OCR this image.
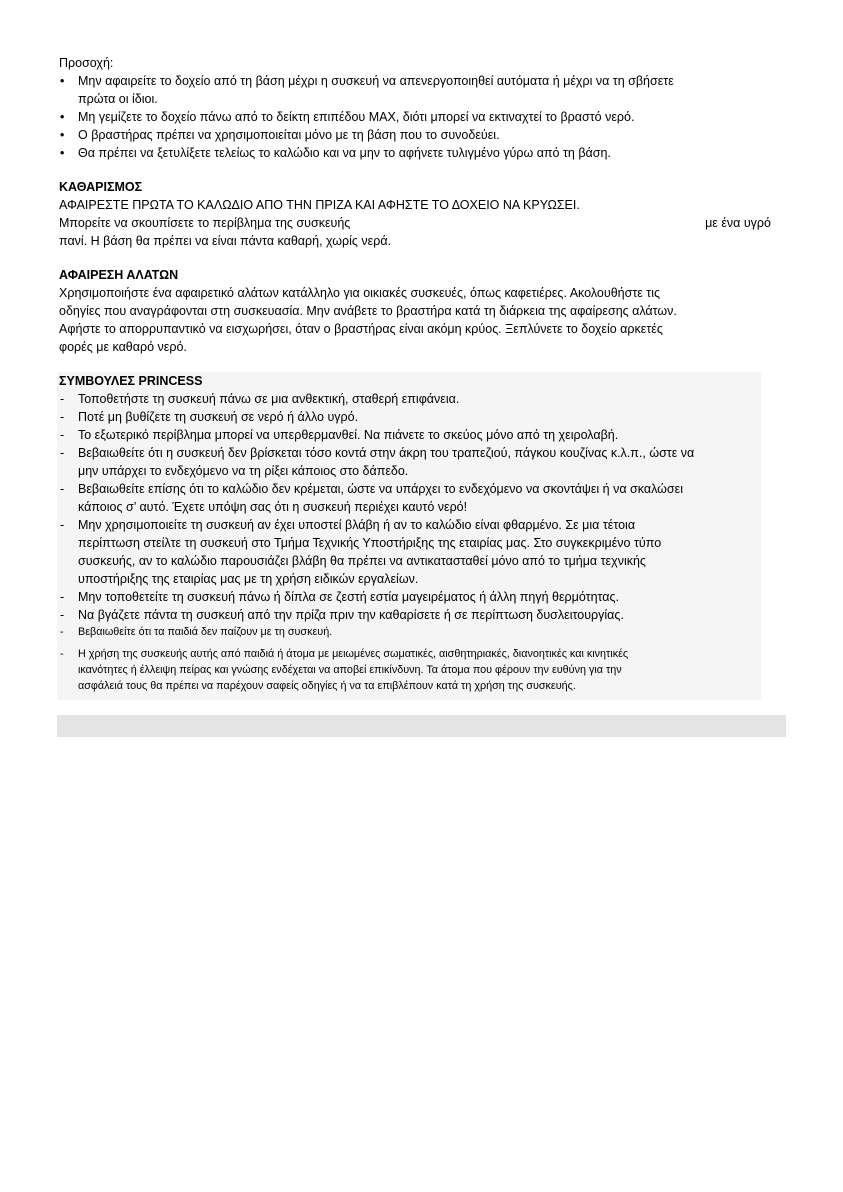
Προσοχή:
• Μην αφαιρείτε το δοχείο από τη βάση μέχρι η συσκευή να απενεργοποιηθεί αυτόματα ή μέχρι να τη σβήσετε
πρώτα οι ίδιοι.
• Μη γεμίζετε το δοχείο πάνω από το δείκτη επιπέδου MAX, διότι μπορεί να εκτιναχτεί το βραστό νερό.
• Ο βραστήρας πρέπει να χρησιμοποιείται μόνο με τη βάση που το συνοδεύει.
• Θα πρέπει να ξετυλίξετε τελείως το καλώδιο και να μην το αφήνετε τυλιγμένο γύρω από τη βάση.
ΚΑΘΑΡΙΣΜΟΣ
ΑΦΑΙΡΕΣΤΕ ΠΡΩΤΑ ΤΟ ΚΑΛΩΔΙΟ ΑΠΟ ΤΗΝ ΠΡΙΖΑ ΚΑΙ ΑΦΗΣΤΕ ΤΟ ΔΟΧΕΙΟ ΝΑ ΚΡΥΩΣΕΙ.
Μπορείτε να σκουπίσετε το περίβλημα της συσκευής	με ένα υγρό
πανί. Η βάση θα πρέπει να είναι πάντα καθαρή, χωρίς νερά.
ΑΦΑΙΡΕΣΗ ΑΛΑΤΩΝ
Χρησιμοποιήστε ένα αφαιρετικό αλάτων κατάλληλο για οικιακές συσκευές, όπως καφετιέρες. Ακολουθήστε τις
οδηγίες που αναγράφονται στη συσκευασία. Μην ανάβετε το βραστήρα κατά τη διάρκεια της αφαίρεσης αλάτων.
Αφήστε το απορρυπαντικό να εισχωρήσει, όταν ο βραστήρας είναι ακόμη κρύος. Ξεπλύνετε το δοχείο αρκετές
φορές με καθαρό νερό.
ΣΥΜΒΟΥΛΕΣ PRINCESS
- Τοποθετήστε τη συσκευή πάνω σε μια ανθεκτική, σταθερή επιφάνεια.
- Ποτέ μη βυθίζετε τη συσκευή σε νερό ή άλλο υγρό.
- Το εξωτερικό περίβλημα μπορεί να υπερθερμανθεί. Να πιάνετε το σκεύος μόνο από τη χειρολαβή.
- Βεβαιωθείτε ότι η συσκευή δεν βρίσκεται τόσο κοντά στην άκρη του τραπεζιού, πάγκου κουζίνας κ.λ.π., ώστε να
μην υπάρχει το ενδεχόμενο να τη ρίξει κάποιος στο δάπεδο.
- Βεβαιωθείτε επίσης ότι το καλώδιο δεν κρέμεται, ώστε να υπάρχει το ενδεχόμενο να σκοντάψει ή να σκαλώσει
κάποιος σ’ αυτό. Έχετε υπόψη σας ότι η συσκευή περιέχει καυτό νερό!
- Μην χρησιμοποιείτε τη συσκευή αν έχει υποστεί βλάβη ή αν το καλώδιο είναι φθαρμένο. Σε μια τέτοια
περίπτωση στείλτε τη συσκευή στο Τμήμα Τεχνικής Υποστήριξης της εταιρίας μας. Στο συγκεκριμένο τύπο
συσκευής, αν το καλώδιο παρουσιάζει βλάβη θα πρέπει να αντικατασταθεί μόνο από το τμήμα τεχνικής
υποστήριξης της εταιρίας μας με τη χρήση ειδικών εργαλείων.
- Μην τοποθετείτε τη συσκευή πάνω ή δίπλα σε ζεστή εστία μαγειρέματος ή άλλη πηγή θερμότητας.
- Να βγάζετε πάντα τη συσκευή από την πρίζα πριν την καθαρίσετε ή σε περίπτωση δυσλειτουργίας.
- Βεβαιωθείτε ότι τα παιδιά δεν παίζουν με τη συσκευή.
- Η χρήση της συσκευής αυτής από παιδιά ή άτομα με μειωμένες σωματικές, αισθητηριακές, διανοητικές και κινητικές
ικανότητες ή έλλειψη πείρας και γνώσης ενδέχεται να αποβεί επικίνδυνη. Τα άτομα που φέρουν την ευθύνη για την
ασφάλειά τους θα πρέπει να παρέχουν σαφείς οδηγίες ή να τα επιβλέπουν κατά τη χρήση της συσκευής.
